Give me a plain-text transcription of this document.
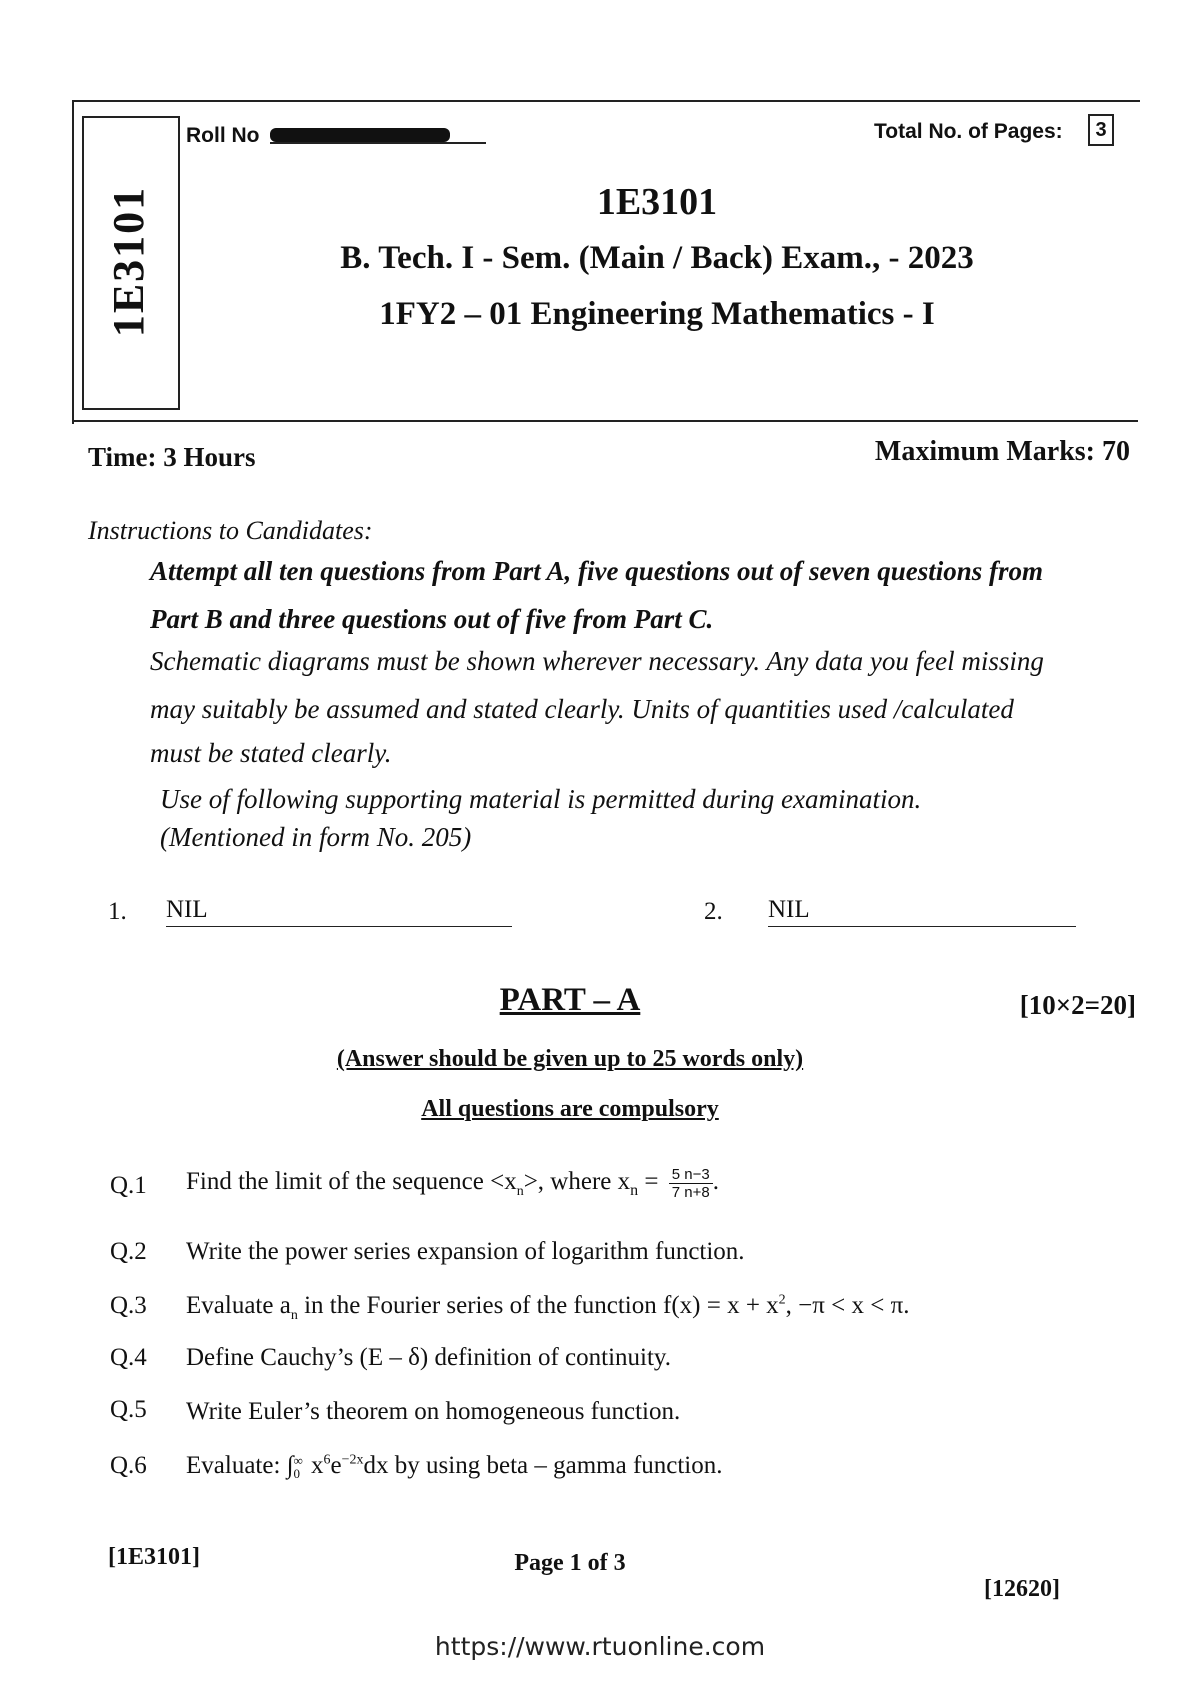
1E3101
Roll No	Total No. of Pages:	3
1E3101
B. Tech. I - Sem. (Main / Back) Exam., - 2023
1FY2 – 01 Engineering Mathematics - I
Time: 3 Hours	Maximum Marks: 70
Instructions to Candidates:
Attempt all ten questions from Part A, five questions out of seven questions from
Part B and three questions out of five from Part C.
Schematic diagrams must be shown wherever necessary. Any data you feel missing
may suitably be assumed and stated clearly. Units of quantities used /calculated
must be stated clearly.
Use of following supporting material is permitted during examination.
(Mentioned in form No. 205)
1. NIL	2. NIL
PART – A	[10×2=20]
(Answer should be given up to 25 words only)
All questions are compulsory
Q.1 Find the limit of the sequence $<x_n>$, where $x_n = \frac{5 n-3}{7 n+8}$ .
Q.2 Write the power series expansion of logarithm function.
Q.3 Evaluate $a_n$ in the Fourier series of the function $f(x) = x + x^2$, −π < x < π.
Q.4 Define Cauchy’s (E – δ) definition of continuity.
Q.5 Write Euler’s theorem on homogeneous function.
Q.6 Evaluate: ∫ ∞
0 $x^6e^{-2x}dx$ by using beta – gamma function.
[1E3101]	Page 1 of 3
[12620]
https://www.rtuonline.com
